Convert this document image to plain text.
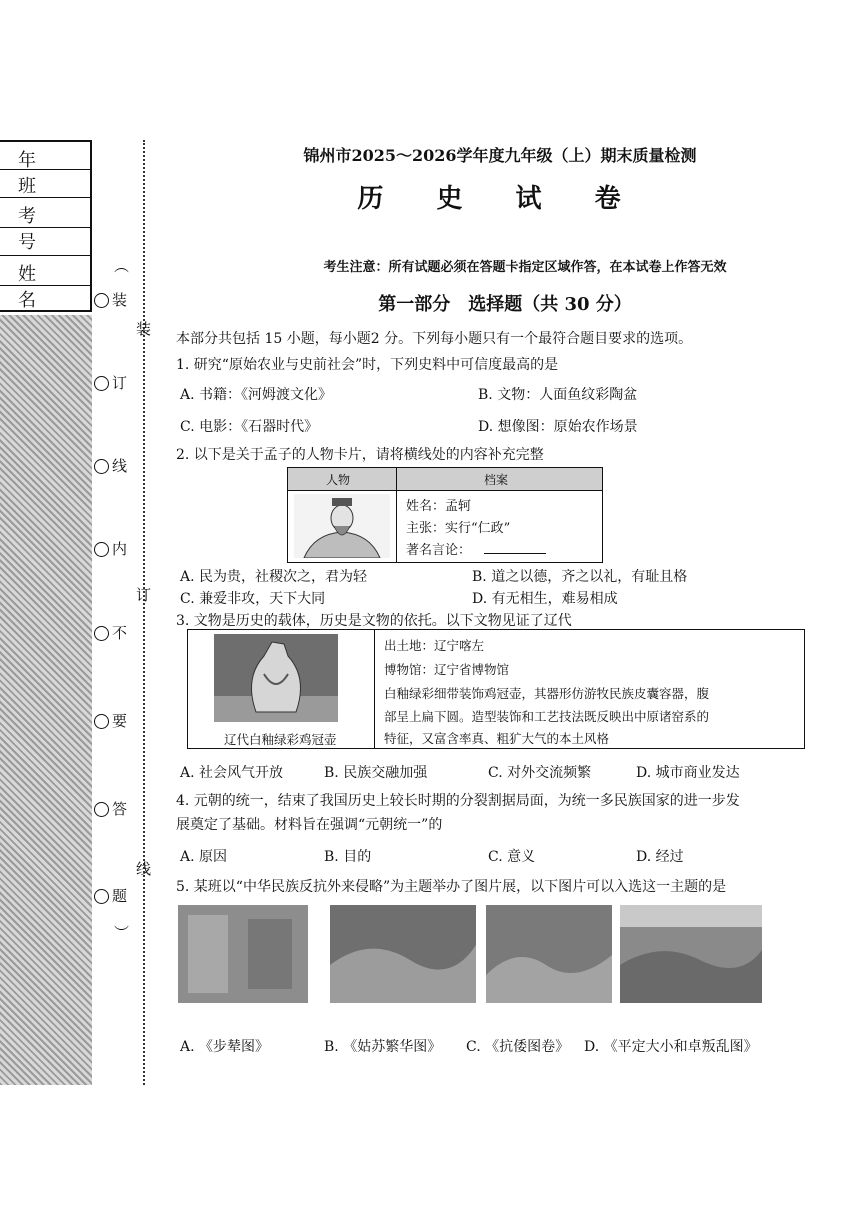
年 班
考 号
姓 名
︵
装
订
线
内
不
要
答
题
︶
装
订
线
锦州市2025～2026学年度九年级（上）期末质量检测
历 史 试 卷
考生注意：所有试题必须在答题卡指定区域作答，在本试卷上作答无效
第一部分　选择题（共 30 分）
本部分共包括 15 小题，每小题2 分。下列每小题只有一个最符合题目要求的选项。
1. 研究“原始农业与史前社会”时，下列史料中可信度最高的是
A. 书籍：《河姆渡文化》	B. 文物：人面鱼纹彩陶盆
C. 电影：《石器时代》	D. 想像图：原始农作场景
2. 以下是关于孟子的人物卡片，请将横线处的内容补充完整
人物	档案
姓名：孟轲
主张：实行“仁政”
著名言论：
A. 民为贵，社稷次之，君为轻	B. 道之以德，齐之以礼，有耻且格
C. 兼爱非攻，天下大同	D. 有无相生，难易相成
3. 文物是历史的载体，历史是文物的依托。以下文物见证了辽代
辽代白釉绿彩鸡冠壶
出土地：辽宁喀左
博物馆：辽宁省博物馆
白釉绿彩细带装饰鸡冠壶，其器形仿游牧民族皮囊容器，腹
部呈上扁下圆。造型装饰和工艺技法既反映出中原诸窑系的
特征，又富含率真、粗犷大气的本土风格
A. 社会风气开放	B. 民族交融加强	C. 对外交流频繁	D. 城市商业发达
4. 元朝的统一，结束了我国历史上较长时期的分裂割据局面，为统一多民族国家的进一步发
展奠定了基础。材料旨在强调“元朝统一”的
A. 原因	B. 目的	C. 意义	D. 经过
5. 某班以“中华民族反抗外来侵略”为主题举办了图片展，以下图片可以入选这一主题的是
A. 《步辇图》	B. 《姑苏繁华图》 C. 《抗倭图卷》 D. 《平定大小和卓叛乱图》
